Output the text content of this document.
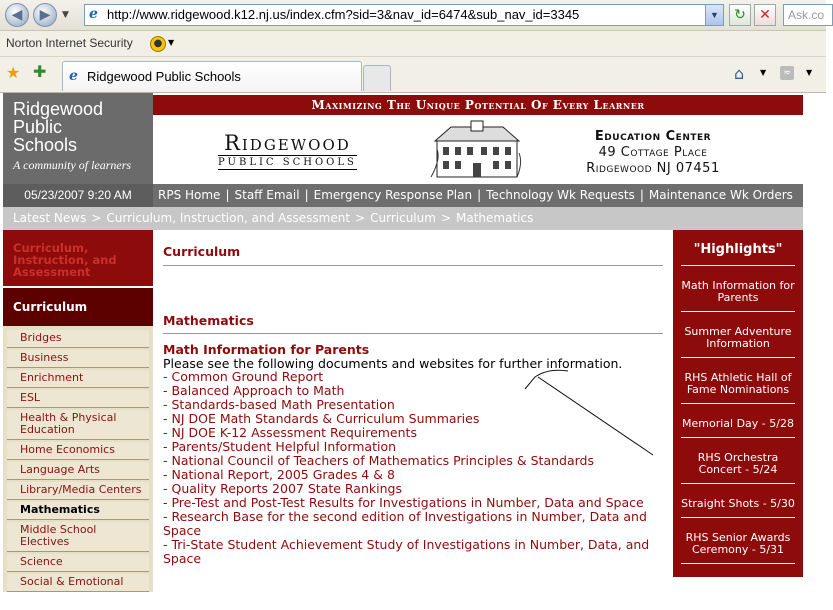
◀	▶	▼ e http://www.ridgewood.k12.nj.us/index.cfm?sid=3&nav_id=6474&sub_nav_id=3345	▼	↻ ✕	Ask.co
Norton Internet Security	● ▼
★ ✚ e Ridgewood Public Schools	⌂ ▼	≈	▼
Ridgewood
Public
Schools
A community of learners
05/23/2007 9:20 AM
Maximizing The Unique Potential Of Every Learner
Ridgewood
PUBLIC SCHOOLS
Education Center
49 Cottage Place
Ridgewood NJ 07451
RPS Home | Staff Email | Emergency Response Plan | Technology Wk Requests | Maintenance Wk Orders
Latest News > Curriculum, Instruction, and Assessment > Curriculum > Mathematics
Curriculum, Instruction, and Assessment
Curriculum
Bridges
Business
Enrichment
ESL
Health & Physical Education
Home Economics
Language Arts
Library/Media Centers
Mathematics
Middle School Electives
Science
Social & Emotional
Curriculum
Mathematics
Math Information for Parents
Please see the following documents and websites for further information.
- Common Ground Report
- Balanced Approach to Math
- Standards-based Math Presentation
- NJ DOE Math Standards & Curriculum Summaries
- NJ DOE K-12 Assessment Requirements
- Parents/Student Helpful Information
- National Council of Teachers of Mathematics Principles & Standards
- National Report, 2005 Grades 4 & 8
- Quality Reports 2007 State Rankings
- Pre-Test and Post-Test Results for Investigations in Number, Data and Space
- Research Base for the second edition of Investigations in Number, Data and Space
- Tri-State Student Achievement Study of Investigations in Number, Data, and Space
"Highlights"
Math Information for Parents
Summer Adventure Information
RHS Athletic Hall of Fame Nominations
Memorial Day - 5/28
RHS Orchestra Concert - 5/24
Straight Shots - 5/30
RHS Senior Awards Ceremony - 5/31
Wiffle for Cancer - 6/10
